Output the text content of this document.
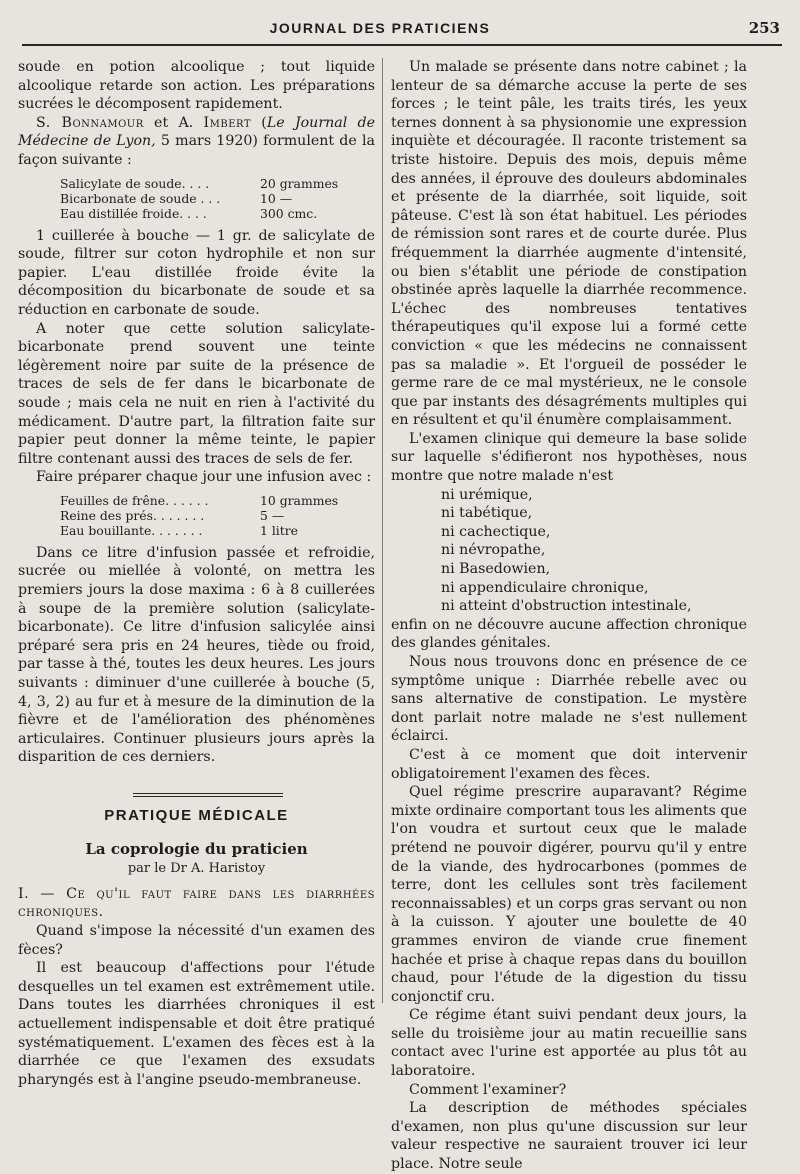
JOURNAL DES PRATICIENS	253

soude en potion alcoolique ; tout liquide alcoolique retarde son action. Les préparations sucrées le décomposent rapidement.

S. Bonnamour et A. Imbert (Le Journal de Médecine de Lyon, 5 mars 1920) formulent de la façon suivante :

Salicylate de soude. . . .	20 grammes
Bicarbonate de soude . . .	10 —
Eau distillée froide. . . .	300 cmc.

1 cuillerée à bouche — 1 gr. de salicylate de soude, filtrer sur coton hydrophile et non sur papier. L'eau distillée froide évite la décomposition du bicarbonate de soude et sa réduction en carbonate de soude.

A noter que cette solution salicylate-bicarbonate prend souvent une teinte légèrement noire par suite de la présence de traces de sels de fer dans le bicarbonate de soude ; mais cela ne nuit en rien à l'activité du médicament. D'autre part, la filtration faite sur papier peut donner la même teinte, le papier filtre contenant aussi des traces de sels de fer.

Faire préparer chaque jour une infusion avec :

Feuilles de frêne. . . . . .	10 grammes
Reine des prés. . . . . . .	5 —
Eau bouillante. . . . . . .	1 litre

Dans ce litre d'infusion passée et refroidie, sucrée ou miellée à volonté, on mettra les premiers jours la dose maxima : 6 à 8 cuillerées à soupe de la première solution (salicylate-bicarbonate). Ce litre d'infusion salicylée ainsi préparé sera pris en 24 heures, tiède ou froid, par tasse à thé, toutes les deux heures. Les jours suivants : diminuer d'une cuillerée à bouche (5, 4, 3, 2) au fur et à mesure de la diminution de la fièvre et de l'amélioration des phénomènes articulaires. Continuer plusieurs jours après la disparition de ces derniers.

PRATIQUE MÉDICALE
La coprologie du praticien
par le Dr A. Haristoy

I. — Ce qu'il faut faire dans les diarrhées chroniques.

Quand s'impose la nécessité d'un examen des fèces?

Il est beaucoup d'affections pour l'étude desquelles un tel examen est extrêmement utile. Dans toutes les diarrhées chroniques il est actuellement indispensable et doit être pratiqué systématiquement. L'examen des fèces est à la diarrhée ce que l'examen des exsudats pharyngés est à l'angine pseudo-membraneuse.

Un malade se présente dans notre cabinet ; la lenteur de sa démarche accuse la perte de ses forces ; le teint pâle, les traits tirés, les yeux ternes donnent à sa physionomie une expression inquiète et découragée. Il raconte tristement sa triste histoire. Depuis des mois, depuis même des années, il éprouve des douleurs abdominales et présente de la diarrhée, soit liquide, soit pâteuse. C'est là son état habituel. Les périodes de rémission sont rares et de courte durée. Plus fréquemment la diarrhée augmente d'intensité, ou bien s'établit une période de constipation obstinée après laquelle la diarrhée recommence. L'échec des nombreuses tentatives thérapeutiques qu'il expose lui a formé cette conviction « que les médecins ne connaissent pas sa maladie ». Et l'orgueil de posséder le germe rare de ce mal mystérieux, ne le console que par instants des désagréments multiples qui en résultent et qu'il énumère complaisamment.

L'examen clinique qui demeure la base solide sur laquelle s'édifieront nos hypothèses, nous montre que notre malade n'est

ni urémique,

ni tabétique,

ni cachectique,

ni névropathe,

ni Basedowien,

ni appendiculaire chronique,

ni atteint d'obstruction intestinale,

enfin on ne découvre aucune affection chronique des glandes génitales.

Nous nous trouvons donc en présence de ce symptôme unique : Diarrhée rebelle avec ou sans alternative de constipation. Le mystère dont parlait notre malade ne s'est nullement éclairci.

C'est à ce moment que doit intervenir obligatoirement l'examen des fèces.

Quel régime prescrire auparavant? Régime mixte ordinaire comportant tous les aliments que l'on voudra et surtout ceux que le malade prétend ne pouvoir digérer, pourvu qu'il y entre de la viande, des hydrocarbones (pommes de terre, dont les cellules sont très facilement reconnaissables) et un corps gras servant ou non à la cuisson. Y ajouter une boulette de 40 grammes environ de viande crue finement hachée et prise à chaque repas dans du bouillon chaud, pour l'étude de la digestion du tissu conjonctif cru.

Ce régime étant suivi pendant deux jours, la selle du troisième jour au matin recueillie sans contact avec l'urine est apportée au plus tôt au laboratoire.

Comment l'examiner?

La description de méthodes spéciales d'examen, non plus qu'une discussion sur leur valeur respective ne sauraient trouver ici leur place. Notre seule
